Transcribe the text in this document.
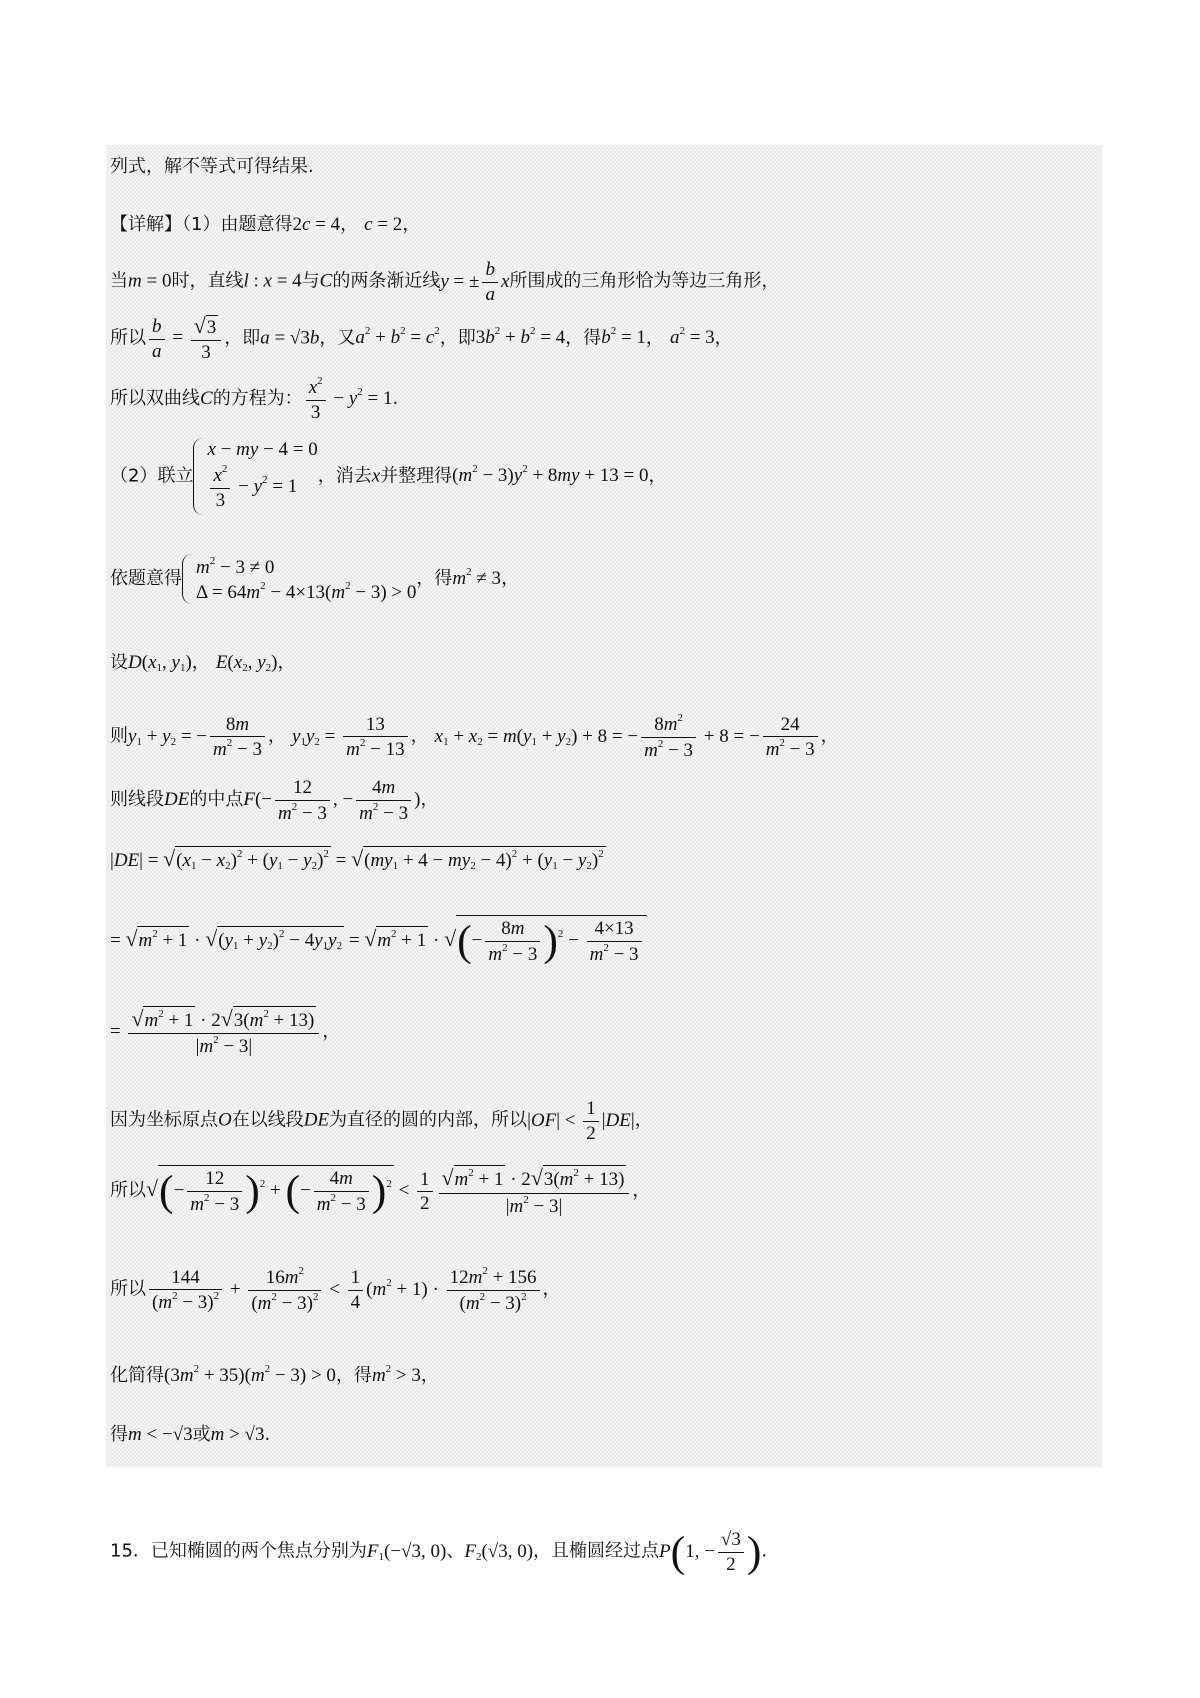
列式，解不等式可得结果.
【详解】（1）由题意得2c = 4， c = 2，
当m = 0时，直线l : x = 4与C的两条渐近线y = ± $\frac{b}{a}$ x所围成的三角形恰为等边三角形，
所以 $\frac{b}{a} = \frac{√3}{3}$ ，即a = √3b，又$a^2 + b^2 = c^2$，即$3b^2 + b^2 = 4$，得$b^2 = 1$， $a^2 = 3$，
所以双曲线C的方程为： $\frac{x^2}{3} - y^2 = 1$.
（2）联立
x − my − 4 = 0
$\frac{x^2}{3} - y^2 = 1$
，消去x并整理得$(m^2 - 3)y^2 + 8my + 13 = 0$，
依题意得
$m^2 - 3 \ne 0$
$\Delta = 64m^2 - 4\times 13(m^2 - 3) > 0$
，得$m^2 \ne 3$，
设$D(x_1$, $y_1$)， $E(x_2$, $y_2$)，
则$y_1 + y_2$ = − $\frac{8m}{m^2 - 3}$ ， $y_1y_2 = \frac{13}{m^2 - 13}$ ， $x_1 + x_2 = m(y_1 + y_2) + 8$ = − $\frac{8m^2}{m^2 - 3} + 8$ = − $\frac{24}{m^2 - 3}$ ，
则线段DE的中点$F(- \frac{12}{m^2 - 3}$ , − $\frac{4m}{m^2 - 3}$ )，
$|DE| = √(x_1 - x_2)^2 + (y_1 - y_2)^2 = √(my_1 + 4 - my_2 - 4)^2 + (y_1 - y_2)^2$
= $√m^2 + 1 \cdot √(y_1 + y_2)^2 - 4y_1y_2 = √m^2 + 1$ · √(− $\frac{8m}{m^2 - 3} )^2 - \frac{4\times 13}{m^2 - 3}$
= $\frac{√m^2 + 1 \cdot 2√3(m^2 + 13)}{|m^2 - 3|}$ ，
因为坐标原点O在以线段DE为直径的圆的内部，所以$|OF| < \frac{1}{2} |DE|$，
所以√(− $\frac{12}{m^2 - 3} )^2$ + (− $\frac{4m}{m^2 - 3} )^2 < \frac{1}{2} \frac{√m^2 + 1 \cdot 2√3(m^2 + 13)}{|m^2 - 3|}$ ，
所以 $\frac{144}{(m^2 - 3)^2} + \frac{16m^2}{(m^2 - 3)^2} < \frac{1}{4} (m^2 + 1) \cdot \frac{12m^2 + 156}{(m^2 - 3)^2}$ ，
化简得$(3m^2 + 35)(m^2 - 3) > 0$，得$m^2 > 3$，
得m < −√3或m > √3.
15．已知椭圆的两个焦点分别为$F_1(-√3$, 0)、$F_2(√3$, 0)，且椭圆经过点P(1, − $\frac{√3}{2}$ ).
